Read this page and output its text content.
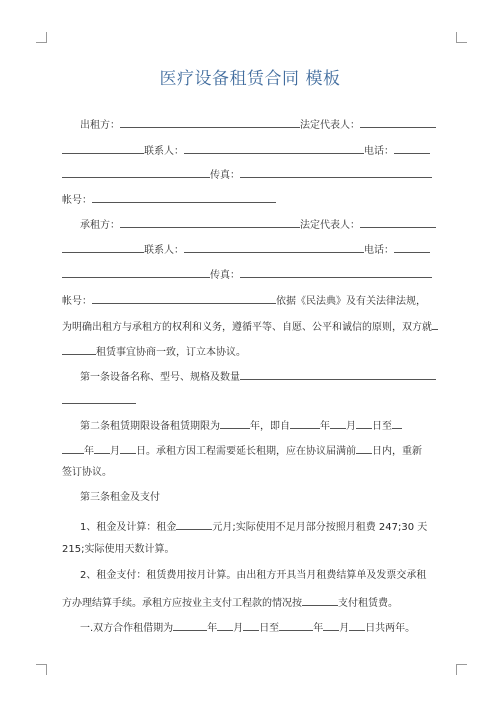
医疗设备租赁合同 模板
出租方：	法定代表人：
联系人：	电话：
传真：
帐号：
承租方：	法定代表人：
联系人：	电话：
传真：
帐号：	依据《民法典》及有关法律法规，
为明确出租方与承租方的权利和义务，遵循平等、自愿、公平和诚信的原则，双方就
租赁事宜协商一致，订立本协议。
第一条设备名称、型号、规格及数量
第二条租赁期限设备租赁期限为	年，即自	年 月 日至
年 月 日。承租方因工程需要延长租期，应在协议届满前 日内，重新
签订协议。
第三条租金及支付
1、租金及计算：租金	元月;实际使用不足月部分按照月租费 247;30 天
215;实际使用天数计算。
2、租金支付：租赁费用按月计算。由出租方开具当月租费结算单及发票交承租
方办理结算手续。承租方应按业主支付工程款的情况按	支付租赁费。
一.双方合作租借期为	年 月 日至	年 月 日共两年。
